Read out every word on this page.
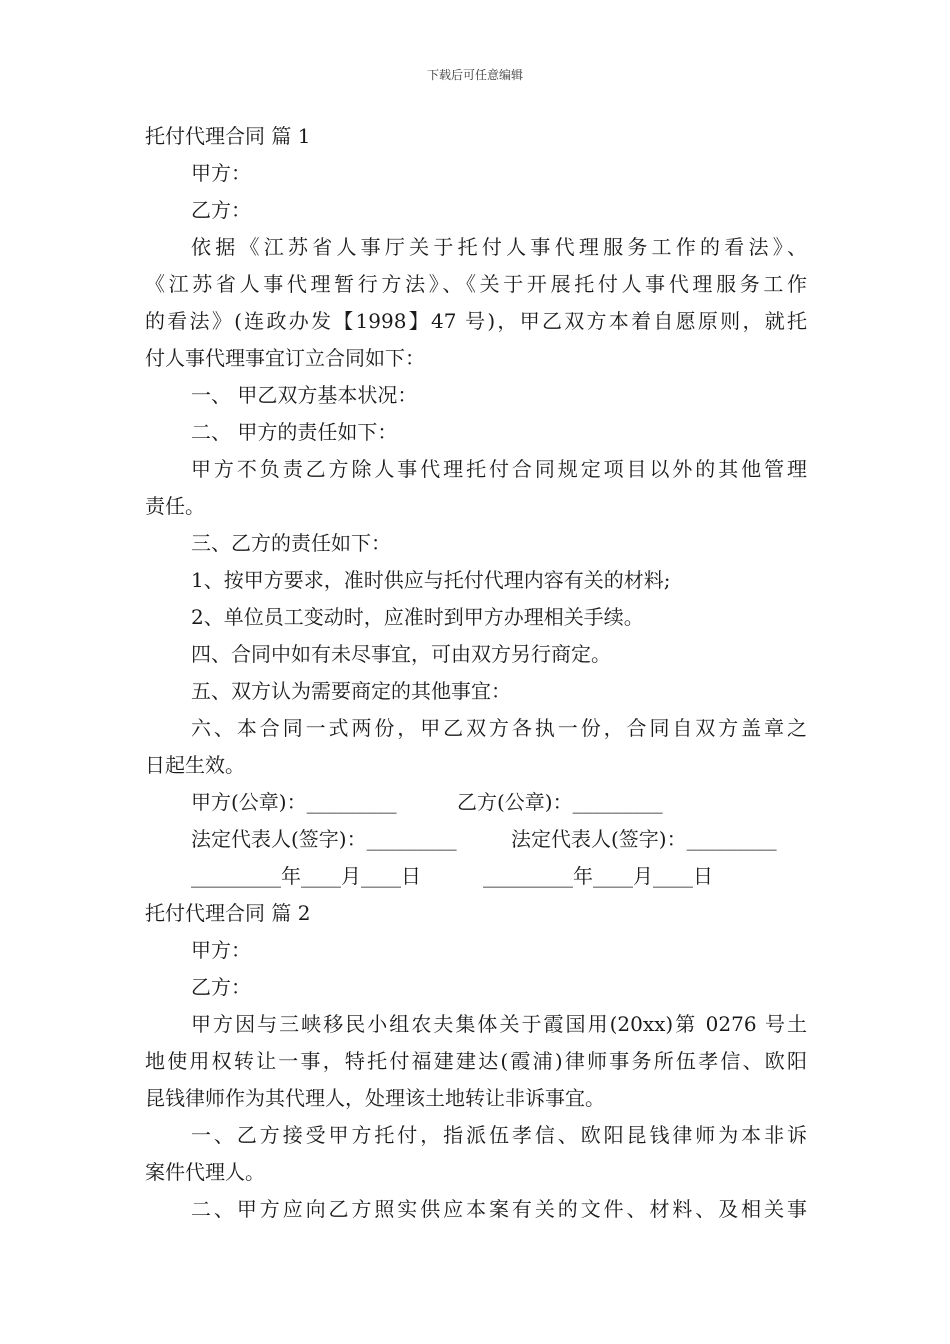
下载后可任意编辑
托付代理合同 篇 1
甲方：
乙方：
依据《江苏省人事厅关于托付人事代理服务工作的看法》、
《江苏省人事代理暂行方法》、《关于开展托付人事代理服务工作
的看法》(连政办发【1998】47 号)，甲乙双方本着自愿原则，就托
付人事代理事宜订立合同如下：
一、 甲乙双方基本状况：
二、 甲方的责任如下：
甲方不负责乙方除人事代理托付合同规定项目以外的其他管理
责任。
三、乙方的责任如下：
1、按甲方要求，准时供应与托付代理内容有关的材料;
2、单位员工变动时，应准时到甲方办理相关手续。
四、合同中如有未尽事宜，可由双方另行商定。
五、双方认为需要商定的其他事宜：
六、本合同一式两份，甲乙双方各执一份，合同自双方盖章之
日起生效。
甲方(公章)：_________	乙方(公章)：_________
法定代表人(签字)：_________	法定代表人(签字)：_________
_________年____月____日	_________年____月____日
托付代理合同 篇 2
甲方：
乙方：
甲方因与三峡移民小组农夫集体关于霞国用(20xx)第 0276 号土
地使用权转让一事，特托付福建建达(霞浦)律师事务所伍孝信、欧阳
昆钱律师作为其代理人，处理该土地转让非诉事宜。
一、乙方接受甲方托付，指派伍孝信、欧阳昆钱律师为本非诉
案件代理人。
二、甲方应向乙方照实供应本案有关的文件、材料、及相关事
